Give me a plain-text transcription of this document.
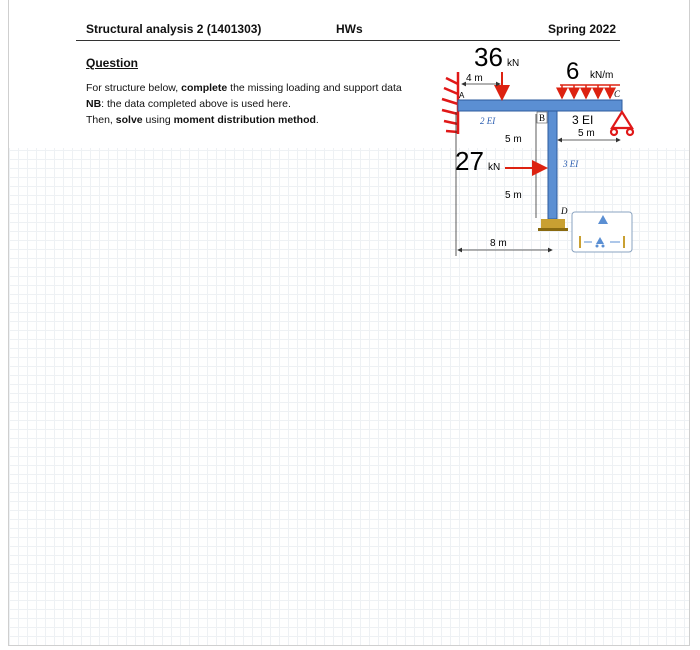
Structural analysis 2 (1401303)	HWs	Spring 2022
Question
For structure below, complete the missing loading and support data
NB: the data completed above is used here.
Then, solve using moment distribution method.
36 kN
4 m	6 kN/m
A
B
C
D
2 EI	3 EI
3 EI
5 m
5 m
5 m
27 kN
8 m
